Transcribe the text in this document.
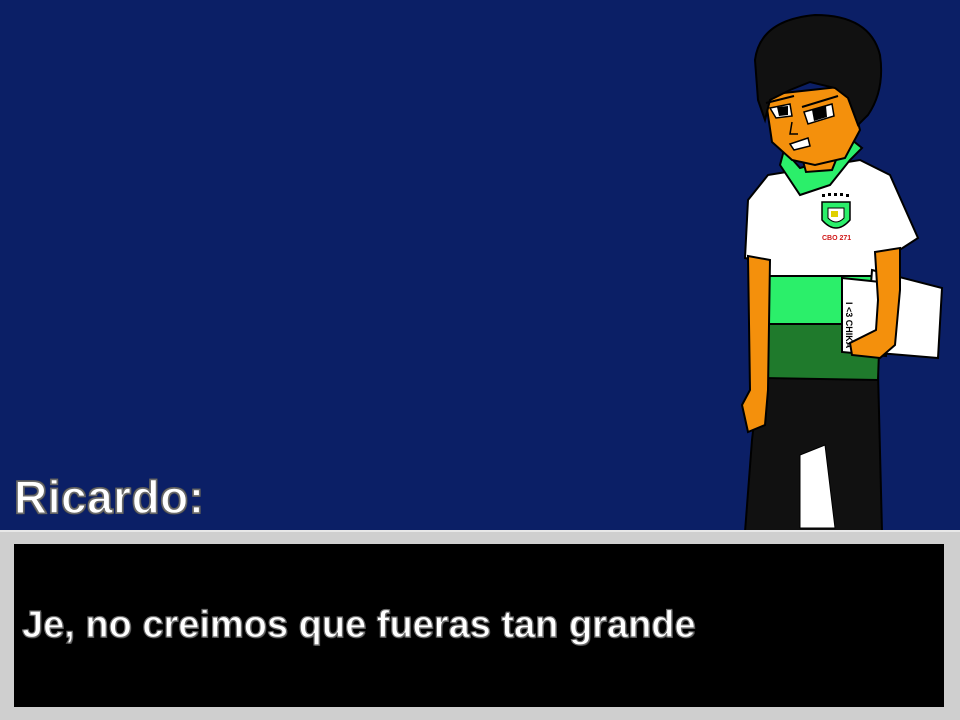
CBO 271
I <3 CHIKA
Ricardo:
Je, no creimos que fueras tan grande
